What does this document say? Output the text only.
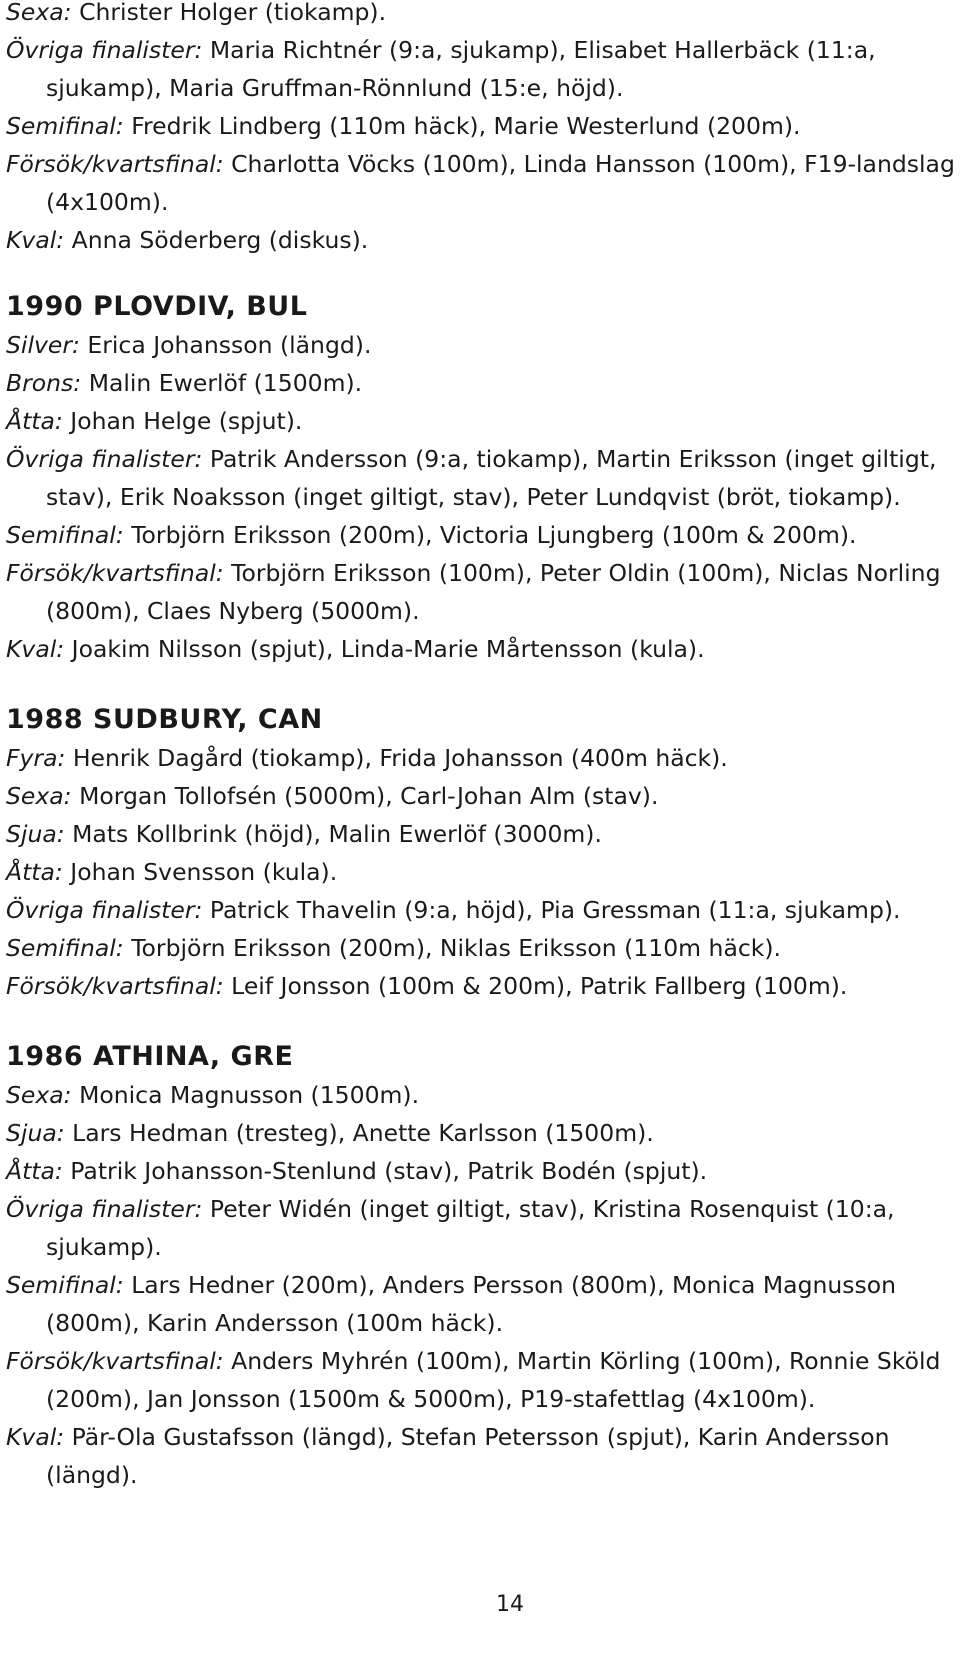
Sexa: Christer Holger (tiokamp).

Övriga finalister: Maria Richtnér (9:a, sjukamp), Elisabet Hallerbäck (11:a, sjukamp), Maria Gruffman-Rönnlund (15:e, höjd).

Semifinal: Fredrik Lindberg (110m häck), Marie Westerlund (200m).

Försök/kvartsfinal: Charlotta Vöcks (100m), Linda Hansson (100m), F19-landslag (4x100m).

Kval: Anna Söderberg (diskus).

1990 PLOVDIV, BUL

Silver: Erica Johansson (längd).

Brons: Malin Ewerlöf (1500m).

Åtta: Johan Helge (spjut).

Övriga finalister: Patrik Andersson (9:a, tiokamp), Martin Eriksson (inget giltigt, stav), Erik Noaksson (inget giltigt, stav), Peter Lundqvist (bröt, tiokamp).

Semifinal: Torbjörn Eriksson (200m), Victoria Ljungberg (100m & 200m).

Försök/kvartsfinal: Torbjörn Eriksson (100m), Peter Oldin (100m), Niclas Norling (800m), Claes Nyberg (5000m).

Kval: Joakim Nilsson (spjut), Linda-Marie Mårtensson (kula).

1988 SUDBURY, CAN

Fyra: Henrik Dagård (tiokamp), Frida Johansson (400m häck).

Sexa: Morgan Tollofsén (5000m), Carl-Johan Alm (stav).

Sjua: Mats Kollbrink (höjd), Malin Ewerlöf (3000m).

Åtta: Johan Svensson (kula).

Övriga finalister: Patrick Thavelin (9:a, höjd), Pia Gressman (11:a, sjukamp).

Semifinal: Torbjörn Eriksson (200m), Niklas Eriksson (110m häck).

Försök/kvartsfinal: Leif Jonsson (100m & 200m), Patrik Fallberg (100m).

1986 ATHINA, GRE

Sexa: Monica Magnusson (1500m).

Sjua: Lars Hedman (tresteg), Anette Karlsson (1500m).

Åtta: Patrik Johansson-Stenlund (stav), Patrik Bodén (spjut).

Övriga finalister: Peter Widén (inget giltigt, stav), Kristina Rosenquist (10:a, sjukamp).

Semifinal: Lars Hedner (200m), Anders Persson (800m), Monica Magnusson (800m), Karin Andersson (100m häck).

Försök/kvartsfinal: Anders Myhrén (100m), Martin Körling (100m), Ronnie Sköld (200m), Jan Jonsson (1500m & 5000m), P19-stafettlag (4x100m).

Kval: Pär-Ola Gustafsson (längd), Stefan Petersson (spjut), Karin Andersson (längd).

14
